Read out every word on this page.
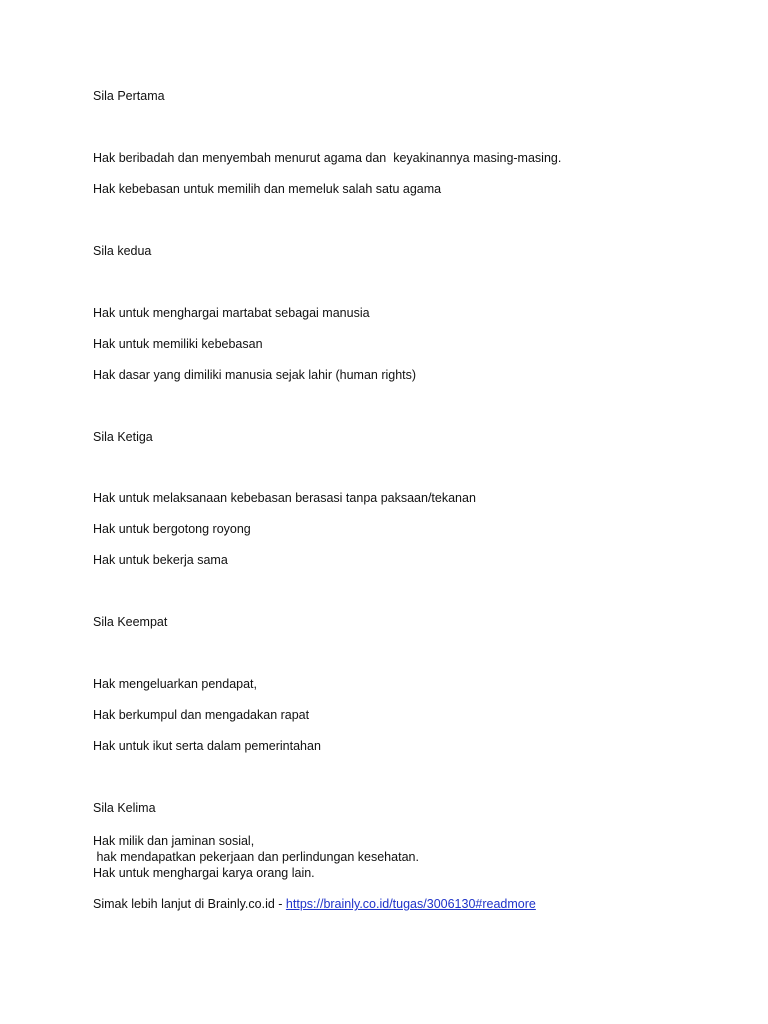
Sila Pertama

Hak beribadah dan menyembah menurut agama dan  keyakinannya masing-masing.

Hak kebebasan untuk memilih dan memeluk salah satu agama

Sila kedua

Hak untuk menghargai martabat sebagai manusia

Hak untuk memiliki kebebasan

Hak dasar yang dimiliki manusia sejak lahir (human rights)

Sila Ketiga

Hak untuk melaksanaan kebebasan berasasi tanpa paksaan/tekanan

Hak untuk bergotong royong

Hak untuk bekerja sama

Sila Keempat

Hak mengeluarkan pendapat,

Hak berkumpul dan mengadakan rapat

Hak untuk ikut serta dalam pemerintahan

Sila Kelima

Hak milik dan jaminan sosial,

hak mendapatkan pekerjaan dan perlindungan kesehatan.

Hak untuk menghargai karya orang lain.

Simak lebih lanjut di Brainly.co.id - https://brainly.co.id/tugas/3006130#readmore
